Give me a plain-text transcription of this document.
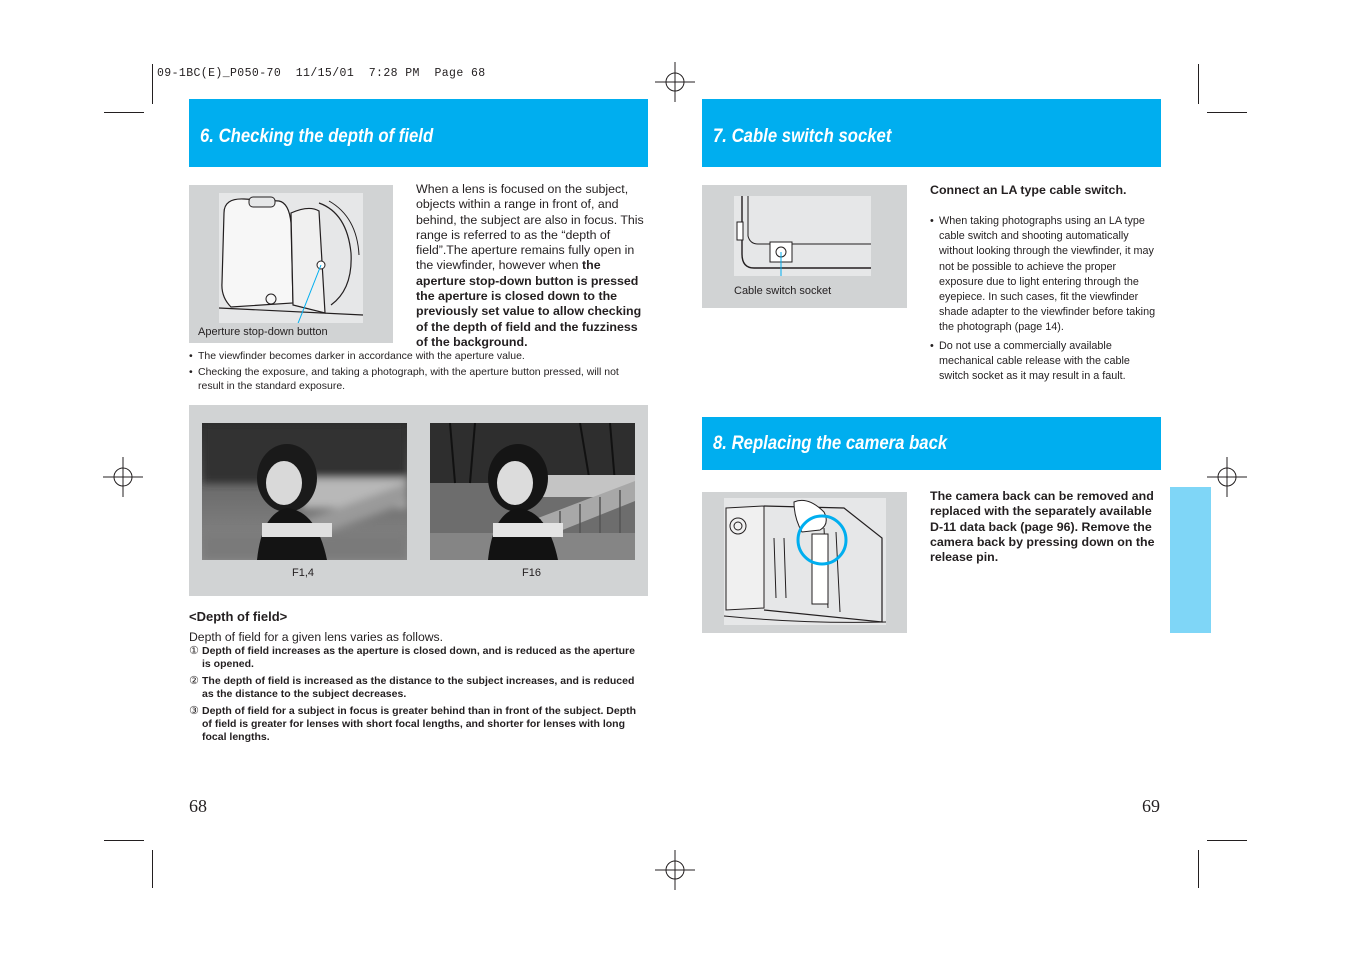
09-1BC(E)_P050-70  11/15/01  7:28 PM  Page 68
6. Checking the depth of field
Aperture stop-down button
When a lens is focused on the subject, objects within a range in front of, and behind, the subject are also in focus. This range is referred to as the “depth of field”.The aperture remains fully open in the viewfinder, however when the aperture stop-down button is pressed the aperture is closed down to the previously set value to allow checking of the depth of field and the fuzziness of the background.
• The viewfinder becomes darker in accordance with the aperture value.
• Checking the exposure, and taking a photograph, with the aperture button pressed, will not result in the standard exposure.
F1,4	F16
<Depth of field>
Depth of field for a given lens varies as follows.
① Depth of field increases as the aperture is closed down, and is reduced as the aperture is opened.
② The depth of field is increased as the distance to the subject increases, and is reduced as the distance to the subject decreases.
③ Depth of field for a subject in focus is greater behind than in front of the subject. Depth of field is greater for lenses with short focal lengths, and shorter for lenses with long focal lengths.
68
7. Cable switch socket
Cable switch socket
Connect an LA type cable switch.
• When taking photographs using an LA type cable switch and shooting automatically without looking through the viewfinder, it may not be possible to achieve the proper exposure due to light entering through the eyepiece. In such cases, fit the viewfinder shade adapter to the viewfinder before taking the photograph (page 14).
• Do not use a commercially available mechanical cable release with the cable switch socket as it may result in a fault.
8. Replacing the camera back
The camera back can be removed and replaced with the separately available D-11 data back (page 96). Remove the camera back by pressing down on the release pin.
69
